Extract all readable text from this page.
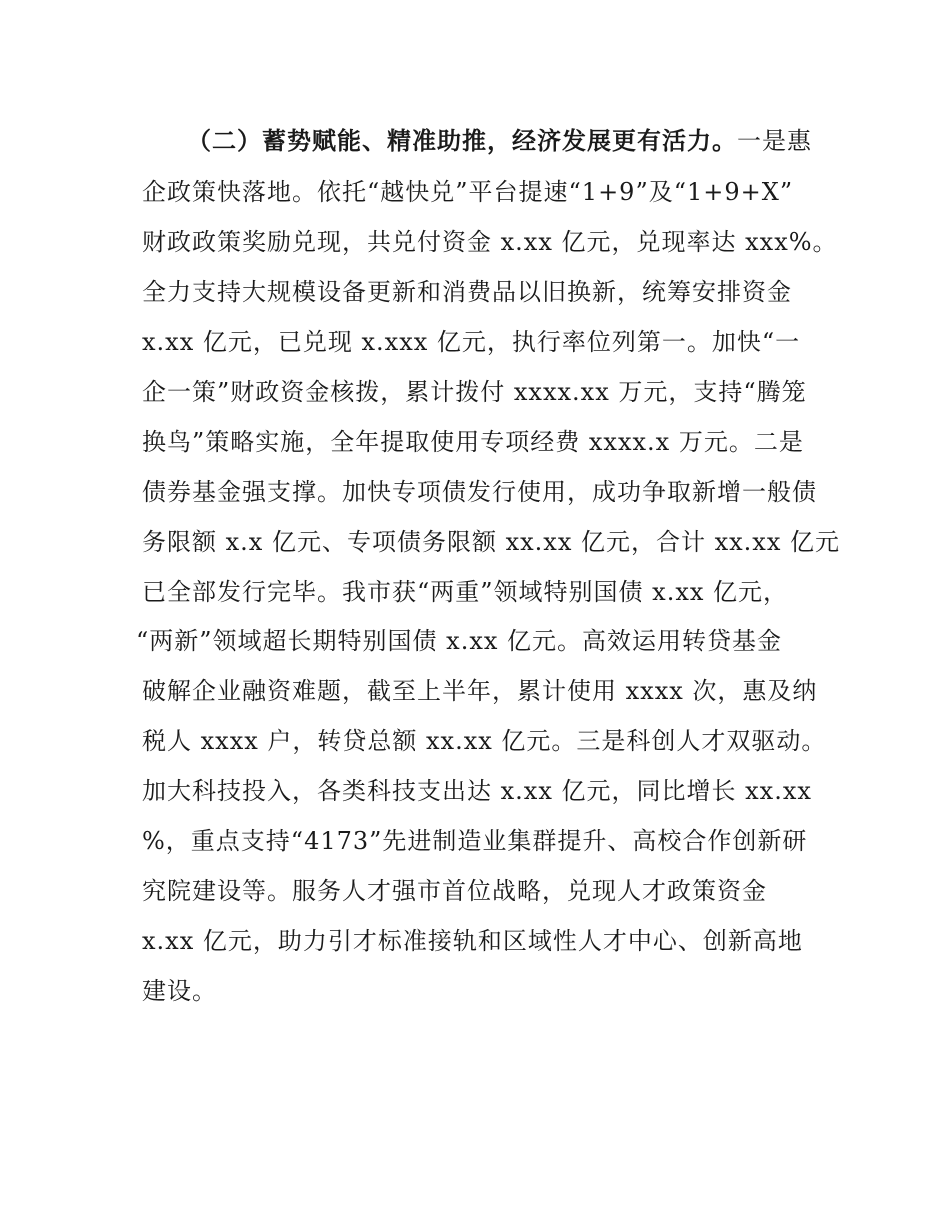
（二）蓄势赋能、精准助推，经济发展更有活力。一是惠
企政策快落地。依托“越快兑”平台提速“1+9”及“1+9+X”
财政政策奖励兑现，共兑付资金 x.xx 亿元，兑现率达 xxx%。
全力支持大规模设备更新和消费品以旧换新，统筹安排资金
x.xx 亿元，已兑现 x.xxx 亿元，执行率位列第一。加快“一
企一策”财政资金核拨，累计拨付 xxxx.xx 万元，支持“腾笼
换鸟”策略实施，全年提取使用专项经费 xxxx.x 万元。二是
债券基金强支撑。加快专项债发行使用，成功争取新增一般债
务限额 x.x 亿元、专项债务限额 xx.xx 亿元，合计 xx.xx 亿元
已全部发行完毕。我市获“两重”领域特别国债 x.xx 亿元，
“两新”领域超长期特别国债 x.xx 亿元。高效运用转贷基金
破解企业融资难题，截至上半年，累计使用 xxxx 次，惠及纳
税人 xxxx 户，转贷总额 xx.xx 亿元。三是科创人才双驱动。
加大科技投入，各类科技支出达 x.xx 亿元，同比增长 xx.xx
%，重点支持“4173”先进制造业集群提升、高校合作创新研
究院建设等。服务人才强市首位战略，兑现人才政策资金
x.xx 亿元，助力引才标准接轨和区域性人才中心、创新高地
建设。
